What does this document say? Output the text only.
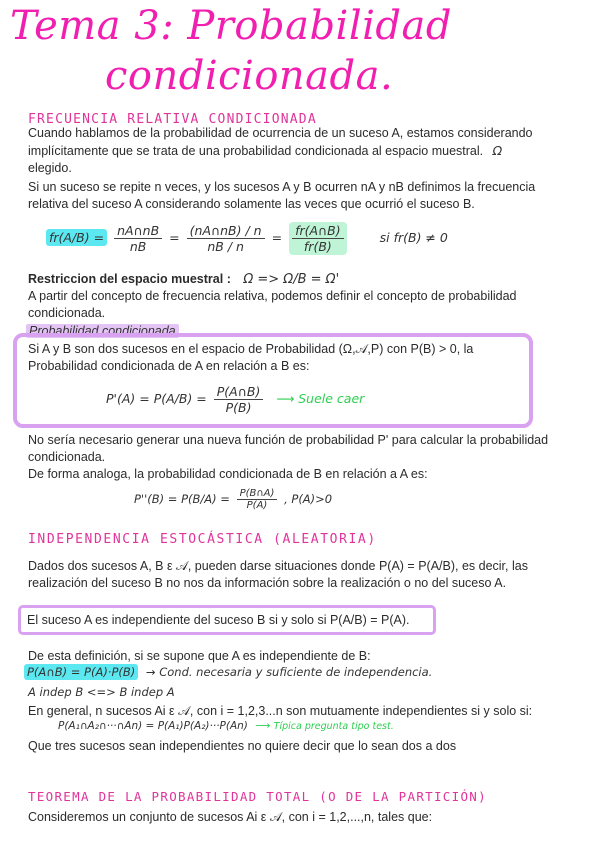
Tema 3: Probabilidad
condicionada.
FRECUENCIA RELATIVA CONDICIONADA
Cuando hablamos de la probabilidad de ocurrencia de un suceso A, estamos considerando implícitamente que se trata de una probabilidad condicionada al espacio muestral. Ω
elegido.
Si un suceso se repite n veces, y los sucesos A y B ocurren nA y nB definimos la frecuencia relativa del suceso A considerando solamente las veces que ocurrió el suceso B.
$fr(A/B) = \frac{nA\cap nB}{nB} = \frac{(nA\cap nB) / n}{nB / n} = \frac{fr(A\cap B)}{fr(B)}$	si fr(B) ≠ 0
Restriccion del espacio muestral : Ω => Ω/B = Ω'
A partir del concepto de frecuencia relativa, podemos definir el concepto de probabilidad condicionada.
Probabilidad condicionada
Si A y B son dos sucesos en el espacio de Probabilidad (Ω,𝒜,P) con P(B) > 0, la Probabilidad condicionada de A en relación a B es:
$P'(A) = P(A/B) = \frac{P(A\cap B)}{P(B)}$ ⟶ Suele caer
No sería necesario generar una nueva función de probabilidad P' para calcular la probabilidad condicionada.
De forma analoga, la probabilidad condicionada de B en relación a A es:
$P''(B) = P(B/A) = \frac{P(B\cap A)}{P(A)}$ , P(A)>0
INDEPENDENCIA ESTOCÁSTICA (ALEATORIA)
Dados dos sucesos A, B ε 𝒜, pueden darse situaciones donde P(A) = P(A/B), es decir, las realización del suceso B no nos da información sobre la realización o no del suceso A.
El suceso A es independiente del suceso B si y solo si P(A/B) = P(A).
De esta definición, si se supone que A es independiente de B:
P(A∩B) = P(A)·P(B) → Cond. necesaria y suficiente de independencia.
A indep B <=> B indep A
En general, n sucesos Ai ε 𝒜, con i = 1,2,3...n son mutuamente independientes si y solo si:
P(A₁∩A₂∩···∩An) = P(A₁)P(A₂)···P(An) ⟶ Típica pregunta tipo test.
Que tres sucesos sean independientes no quiere decir que lo sean dos a dos
TEOREMA DE LA PROBABILIDAD TOTAL (O DE LA PARTICIÓN)
Consideremos un conjunto de sucesos Ai ε 𝒜, con i = 1,2,...,n, tales que:
